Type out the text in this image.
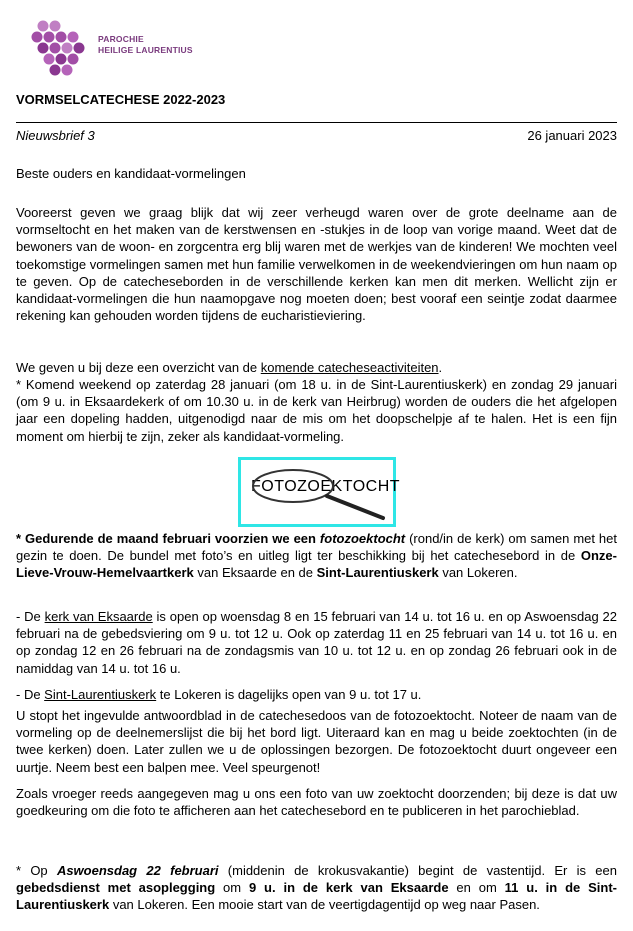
PAROCHIE
HEILIGE LAURENTIUS
VORMSELCATECHESE 2022-2023
Nieuwsbrief 3	26 januari 2023
Beste ouders en kandidaat-vormelingen
Vooreerst geven we graag blijk dat wij zeer verheugd waren over de grote deelname aan de vormseltocht en het maken van de kerstwensen en -stukjes in de loop van vorige maand. Weet dat de bewoners van de woon- en zorgcentra erg blij waren met de werkjes van de kinderen! We mochten veel toekomstige vormelingen samen met hun familie verwelkomen in de weekendvieringen om hun naam op te geven. Op de catecheseborden in de verschillende kerken kan men dit merken. Wellicht zijn er kandidaat-vormelingen die hun naamopgave nog moeten doen; best vooraf een seintje zodat daarmee rekening kan gehouden worden tijdens de eucharistieviering.
We geven u bij deze een overzicht van de komende catecheseactiviteiten.
* Komend weekend op zaterdag 28 januari (om 18 u. in de Sint-Laurentiuskerk) en zondag 29 januari (om 9 u. in Eksaardekerk of om 10.30 u. in de kerk van Heirbrug) worden de ouders die het afgelopen jaar een dopeling hadden, uitgenodigd naar de mis om het doopschelpje af te halen. Het is een fijn moment om hierbij te zijn, zeker als kandidaat-vormeling.
FOTOZOEKTOCHT
* Gedurende de maand februari voorzien we een fotozoektocht (rond/in de kerk) om samen met het gezin te doen. De bundel met foto’s en uitleg ligt ter beschikking bij het catechesebord in de Onze-Lieve-Vrouw-Hemelvaartkerk van Eksaarde en de Sint-Laurentiuskerk van Lokeren.
- De kerk van Eksaarde is open op woensdag 8 en 15 februari van 14 u. tot 16 u. en op Aswoensdag 22 februari na de gebedsviering om 9 u. tot 12 u. Ook op zaterdag 11 en 25 februari van 14 u. tot 16 u. en op zondag 12 en 26 februari na de zondagsmis van 10 u. tot 12 u. en op zondag 26 februari ook in de namiddag van 14 u. tot 16 u.
- De Sint-Laurentiuskerk te Lokeren is dagelijks open van 9 u. tot 17 u.
U stopt het ingevulde antwoordblad in de catechesedoos van de fotozoektocht. Noteer de naam van de vormeling op de deelnemerslijst die bij het bord ligt. Uiteraard kan en mag u beide zoektochten (in de twee kerken) doen. Later zullen we u de oplossingen bezorgen. De fotozoektocht duurt ongeveer een uurtje. Neem best een balpen mee. Veel speurgenot!
Zoals vroeger reeds aangegeven mag u ons een foto van uw zoektocht doorzenden; bij deze is dat uw goedkeuring om die foto te afficheren aan het catechesebord en te publiceren in het parochieblad.
* Op Aswoensdag 22 februari (middenin de krokusvakantie) begint de vastentijd. Er is een gebedsdienst met asoplegging om 9 u. in de kerk van Eksaarde en om 11 u. in de Sint-Laurentiuskerk van Lokeren. Een mooie start van de veertigdagentijd op weg naar Pasen.
